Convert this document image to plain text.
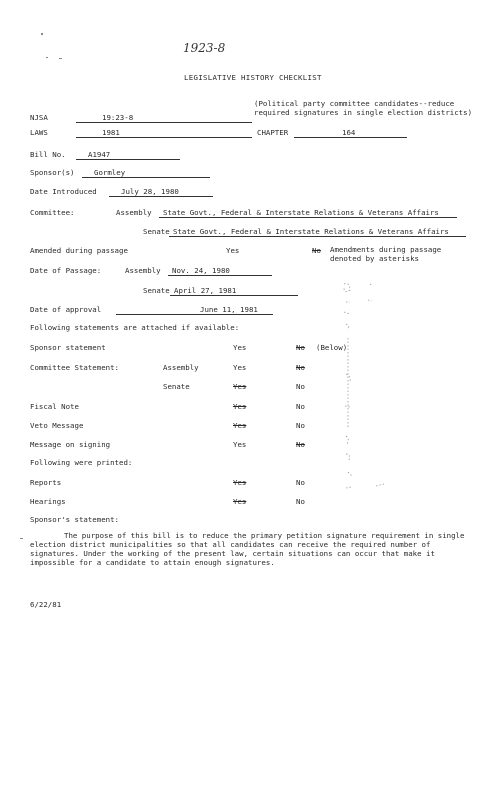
1923-8
LEGISLATIVE HISTORY CHECKLIST
NJSA	19:23-8
(Political party committee candidates--reduce required signatures in single election districts)
LAWS	1981	CHAPTER	164
Bill No.	A1947
Sponsor(s)	Gormley
Date Introduced	July 28, 1980
Committee:	Assembly	State Govt., Federal & Interstate Relations & Veterans Affairs
Senate State Govt., Federal & Interstate Relations & Veterans Affairs
Amended during passage	Yes	No Amendments during passage denoted by asterisks
Date of Passage:	Assembly	Nov. 24, 1980
Senate April 27, 1981
Date of approval	June 11, 1981
Following statements are attached if available:
Sponsor statement	Yes	No (Below)
Committee Statement:	Assembly	Yes	No
Senate	Yes	No
Fiscal Note	Yes	No
Veto Message	Yes	No
Message on signing	Yes	No
Following were printed:
Reports	Yes	No
Hearings	Yes	No
Sponsor's statement:
The purpose of this bill is to reduce the primary petition signature requirement in single election district municipalities so that all candidates can receive the required number of signatures. Under the working of the present law, certain situations can occur that make it impossible for a candidate to attain enough signatures.
6/22/81
